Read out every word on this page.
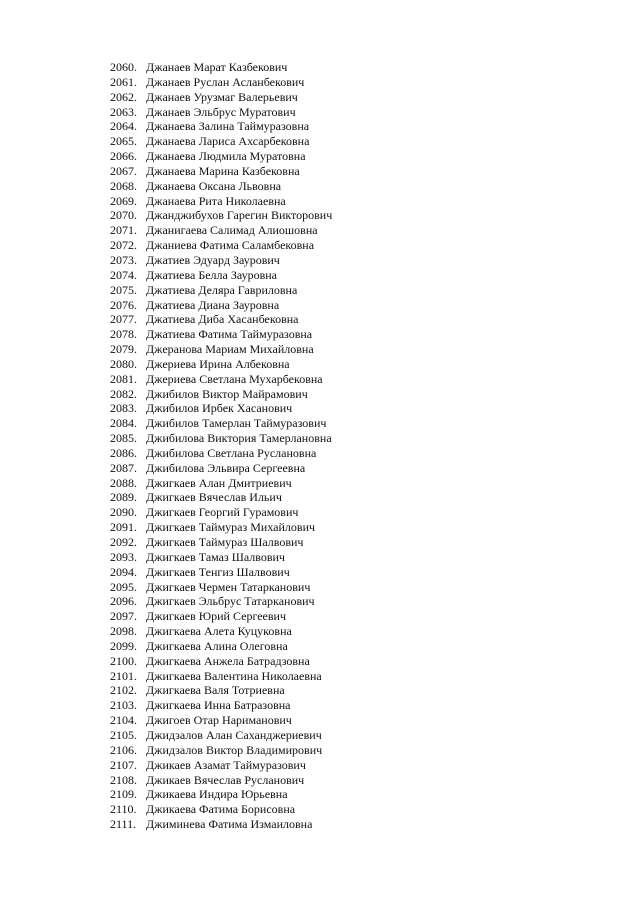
2060. Джанаев Марат Казбекович
2061. Джанаев Руслан Асланбекович
2062. Джанаев Урузмаг Валерьевич
2063. Джанаев Эльбрус Муратович
2064. Джанаева Залина Таймуразовна
2065. Джанаева Лариса Ахсарбековна
2066. Джанаева Людмила Муратовна
2067. Джанаева Марина Казбековна
2068. Джанаева Оксана Львовна
2069. Джанаева Рита Николаевна
2070. Джанджибухов Гарегин Викторович
2071. Джанигаева Салимад Алиошовна
2072. Джаниева Фатима Саламбековна
2073. Джатиев Эдуард Заурович
2074. Джатиева Белла Зауровна
2075. Джатиева Деляра Гавриловна
2076. Джатиева Диана Зауровна
2077. Джатиева Диба Хасанбековна
2078. Джатиева Фатима Таймуразовна
2079. Джеранова Мариам Михайловна
2080. Джериева Ирина Албековна
2081. Джериева Светлана Мухарбековна
2082. Джибилов Виктор Майрамович
2083. Джибилов Ирбек Хасанович
2084. Джибилов Тамерлан Таймуразович
2085. Джибилова Виктория Тамерлановна
2086. Джибилова Светлана Руслановна
2087. Джибилова Эльвира Сергеевна
2088. Джигкаев Алан Дмитриевич
2089. Джигкаев Вячеслав Ильич
2090. Джигкаев Георгий Гурамович
2091. Джигкаев Таймураз Михайлович
2092. Джигкаев Таймураз Шалвович
2093. Джигкаев Тамаз Шалвович
2094. Джигкаев Тенгиз Шалвович
2095. Джигкаев Чермен Татарканович
2096. Джигкаев Эльбрус Татарканович
2097. Джигкаев Юрий Сергеевич
2098. Джигкаева Алета Куцуковна
2099. Джигкаева Алина Олеговна
2100. Джигкаева Анжела Батрадзовна
2101. Джигкаева Валентина Николаевна
2102. Джигкаева Валя Тотриевна
2103. Джигкаева Инна Батразовна
2104. Джигоев Отар Нариманович
2105. Джидзалов Алан Саханджериевич
2106. Джидзалов Виктор Владимирович
2107. Джикаев Азамат Таймуразович
2108. Джикаев Вячеслав Русланович
2109. Джикаева Индира Юрьевна
2110. Джикаева Фатима Борисовна
2111. Джиминева Фатима Измаиловна
